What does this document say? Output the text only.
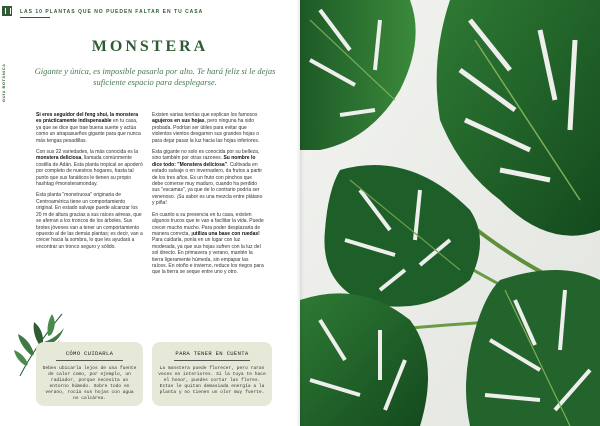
GUÍA BOTÁNICA
LAS 10 PLANTAS QUE NO PUEDEN FALTAR EN TU CASA
MONSTERA
Gigante y única, es imposible pasarla por alto. Te hará feliz si le dejas suficiente espacio para desplegarse.

Si eres seguidor del feng shui, la monstera es prácticamente indispensable en tu casa, ya que se dice que trae buena suerte y actúa como un atrapasueños gigante para que nunca más tengas pesadillas.

Con sus 22 variedades, la más conocida es la monstera deliciosa, llamada comúnmente costilla de Adán. Esta planta tropical se apoderó por completo de nuestros hogares, hasta tal punto que sus fanáticos le tienen su propio hashtag #monsteramonday.

Esta planta "monstruosa" originaria de Centroamérica tiene un comportamiento original. En estado salvaje puede alcanzar los 20 m de altura gracias a sus raíces aéreas, que se aferran a los troncos de los árboles. Sus brotes jóvenes van a tener un comportamiento opuesto al de las demás plantas; es decir, van a crecer hacia la sombra, lo que les ayudará a encontrar un tronco seguro y sólido.

Existen varias teorías que explican los famosos agujeros en sus hojas, pero ninguna ha sido probada. Podrían ser útiles para evitar que violentos vientos desgarren sus grandes hojas o para dejar pasar la luz hacia las hojas inferiores.

Esta gigante no solo es conocida por su belleza, sino también por otras razones. Su nombre lo dice todo: "Monstera deliciosa". Cultivada en estado salvaje o en invernadero, da frutos a partir de los tres años. Es un fruto con pinchos que debe comerse muy maduro, cuando ha perdido sus "escamas", ya que de lo contrario podría ser venenoso. ¡Su sabor es una mezcla entre plátano y piña!

En cuanto a su presencia en tu casa, existen algunos trucos que te van a facilitar la vida. Puede crecer mucho mucho. Para poder desplazarla de manera correcta, ¡utiliza una base con ruedas! Para cuidarla, ponla en un lugar con luz moderada, ya que sus hojas sufren con la luz del sol directo. En primavera y verano, mantén la tierra ligeramente húmeda, sin empapar las raíces. En otoño e invierno, reduce los riegos para que la tierra se seque entre uno y otro.

CÓMO CUIDARLA
Debes ubicarla lejos de una fuente de calor como, por ejemplo, un radiador, porque necesita un entorno húmedo. Sobre todo en verano, rocía sus hojas con agua no calcárea.
PARA TENER EN CUENTA
La monstera puede florecer, pero raras veces en interiores. Si la tuya te hace el honor, puedes cortar las flores. Estas le quitan demasiada energía a la planta y no tienen un olor muy fuerte.
